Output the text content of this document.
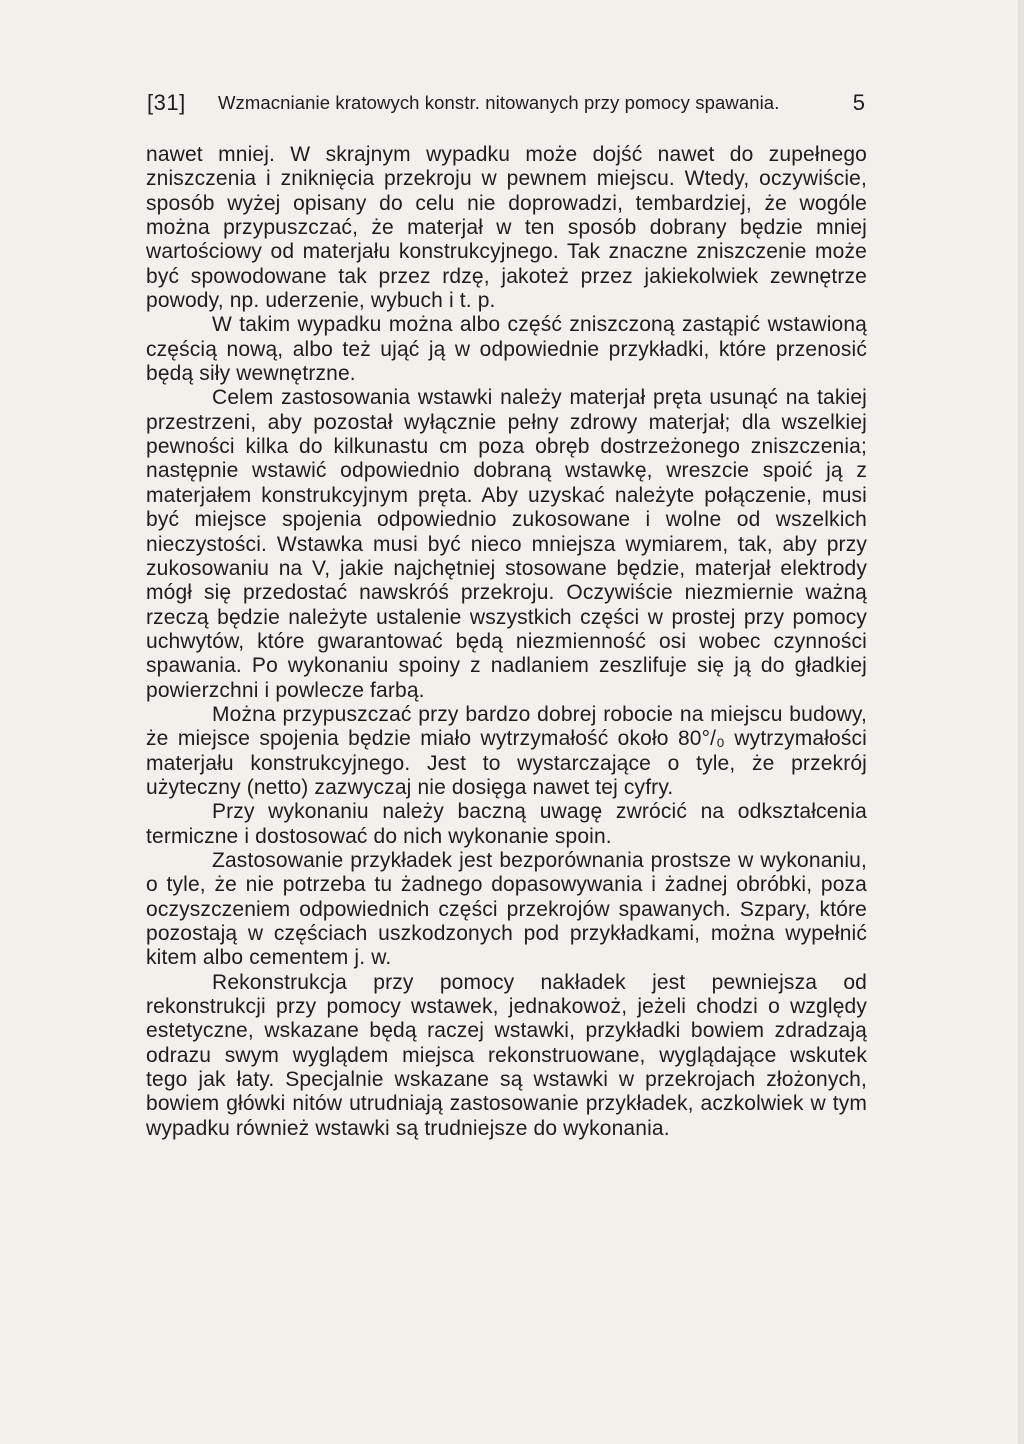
[31] Wzmacnianie kratowych konstr. nitowanych przy pomocy spawania.	5

nawet mniej. W skrajnym wypadku może dojść nawet do zupełnego zniszczenia i zniknięcia przekroju w pewnem miejscu. Wtedy, oczywiście, sposób wyżej opisany do celu nie doprowadzi, tembardziej, że wogóle można przypuszczać, że materjał w ten sposób dobrany będzie mniej wartościowy od materjału konstrukcyjnego. Tak znaczne zniszczenie może być spowodowane tak przez rdzę, jakoteż przez jakiekolwiek zewnętrze powody, np. uderzenie, wybuch i t. p.

W takim wypadku można albo część zniszczoną zastąpić wstawioną częścią nową, albo też ująć ją w odpowiednie przykładki, które przenosić będą siły wewnętrzne.

Celem zastosowania wstawki należy materjał pręta usunąć na takiej przestrzeni, aby pozostał wyłącznie pełny zdrowy materjał; dla wszelkiej pewności kilka do kilkunastu cm poza obręb dostrzeżonego zniszczenia; następnie wstawić odpowiednio dobraną wstawkę, wreszcie spoić ją z materjałem konstrukcyjnym pręta. Aby uzyskać należyte połączenie, musi być miejsce spojenia odpowiednio zukosowane i wolne od wszelkich nieczystości. Wstawka musi być nieco mniejsza wymiarem, tak, aby przy zukosowaniu na V, jakie najchętniej stosowane będzie, materjał elektrody mógł się przedostać nawskróś przekroju. Oczywiście niezmiernie ważną rzeczą będzie należyte ustalenie wszystkich części w prostej przy pomocy uchwytów, które gwarantować będą niezmienność osi wobec czynności spawania. Po wykonaniu spoiny z nadlaniem zeszlifuje się ją do gładkiej powierzchni i powlecze farbą.

Można przypuszczać przy bardzo dobrej robocie na miejscu budowy, że miejsce spojenia będzie miało wytrzymałość około 80°/₀ wytrzymałości materjału konstrukcyjnego. Jest to wystarczające o tyle, że przekrój użyteczny (netto) zazwyczaj nie dosięga nawet tej cyfry.

Przy wykonaniu należy baczną uwagę zwrócić na odkształcenia termiczne i dostosować do nich wykonanie spoin.

Zastosowanie przykładek jest bezporównania prostsze w wykonaniu, o tyle, że nie potrzeba tu żadnego dopasowywania i żadnej obróbki, poza oczyszczeniem odpowiednich części przekrojów spawanych. Szpary, które pozostają w częściach uszkodzonych pod przykładkami, można wypełnić kitem albo cementem j. w.

Rekonstrukcja przy pomocy nakładek jest pewniejsza od rekonstrukcji przy pomocy wstawek, jednakowoż, jeżeli chodzi o względy estetyczne, wskazane będą raczej wstawki, przykładki bowiem zdradzają odrazu swym wyglądem miejsca rekonstruowane, wyglądające wskutek tego jak łaty. Specjalnie wskazane są wstawki w przekrojach złożonych, bowiem główki nitów utrudniają zastosowanie przykładek, aczkolwiek w tym wypadku również wstawki są trudniejsze do wykonania.
